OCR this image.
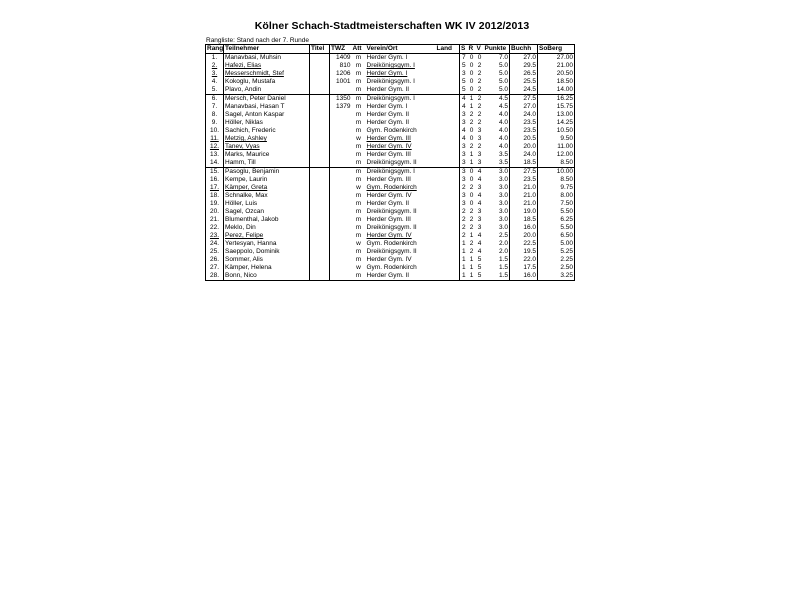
Kölner Schach-Stadtmeisterschaften WK IV 2012/2013
Rangliste: Stand nach der 7. Runde
Rang	Teilnehmer	Titel	TWZ	Att	Verein/Ort	Land	S	R	V	Punkte	Buchh	SoBerg
1.	Manavbasi, Muhsin		1409	m	Herder Gym. I		7	0	0	7.0	27.0	27.00
2.	Hafezi, Elias		810	m	Dreikönigsgym. I		5	0	2	5.0	29.5	21.00
3.	Messerschmidt, Stef		1206	m	Herder Gym. I		3	0	2	5.0	26.5	20.50
4.	Kokoglu, Mustafa		1001	m	Dreikönigsgym. I		5	0	2	5.0	25.5	18.50
5.	Plavo, Andin			m	Herder Gym. II		5	0	2	5.0	24.5	14.00
6.	Mersch, Peter Daniel		1350	m	Dreikönigsgym. I		4	1	2	4.5	27.5	16.25
7.	Manavbasi, Hasan T		1379	m	Herder Gym. I		4	1	2	4.5	27.0	15.75
8.	Sagel, Anton Kaspar			m	Herder Gym. II		3	2	2	4.0	24.0	13.00
9.	Höller, Niklas			m	Herder Gym. II		3	2	2	4.0	23.5	14.25
10.	Sachich, Frederic			m	Gym. Rodenkirch		4	0	3	4.0	23.5	10.50
11.	Metzig, Ashley			w	Herder Gym. III		4	0	3	4.0	20.5	9.50
12.	Tanev, Vyas			m	Herder Gym. IV		3	2	2	4.0	20.0	11.00
13.	Marks, Maurice			m	Herder Gym. III		3	1	3	3.5	24.0	12.00
14.	Hamm, Till			m	Dreikönigsgym. II		3	1	3	3.5	18.5	8.50
15.	Pasoglu, Benjamin			m	Dreikönigsgym. I		3	0	4	3.0	27.5	10.00
16.	Kempe, Laurin			m	Herder Gym. III		3	0	4	3.0	23.5	8.50
17.	Kämper, Greta			w	Gym. Rodenkirch		2	2	3	3.0	21.0	9.75
18.	Schnalke, Max			m	Herder Gym. IV		3	0	4	3.0	21.0	8.00
19.	Höller, Luis			m	Herder Gym. II		3	0	4	3.0	21.0	7.50
20.	Sagel, Ozcan			m	Dreikönigsgym. II		2	2	3	3.0	19.0	5.50
21.	Blumenthal, Jakob			m	Herder Gym. III		2	2	3	3.0	18.5	6.25
22.	Meklo, Din			m	Dreikönigsgym. II		2	2	3	3.0	16.0	5.50
23.	Perez, Felipe			m	Herder Gym. IV		2	1	4	2.5	20.0	6.50
24.	Yertesyan, Hanna			w	Gym. Rodenkirch		1	2	4	2.0	22.5	5.00
25.	Saeppolo, Dominik			m	Dreikönigsgym. II		1	2	4	2.0	19.5	5.25
26.	Sommer, Alis			m	Herder Gym. IV		1	1	5	1.5	22.0	2.25
27.	Kämper, Helena			w	Gym. Rodenkirch		1	1	5	1.5	17.5	2.50
28.	Bonn, Nico			m	Herder Gym. II		1	1	5	1.5	16.0	3.25
